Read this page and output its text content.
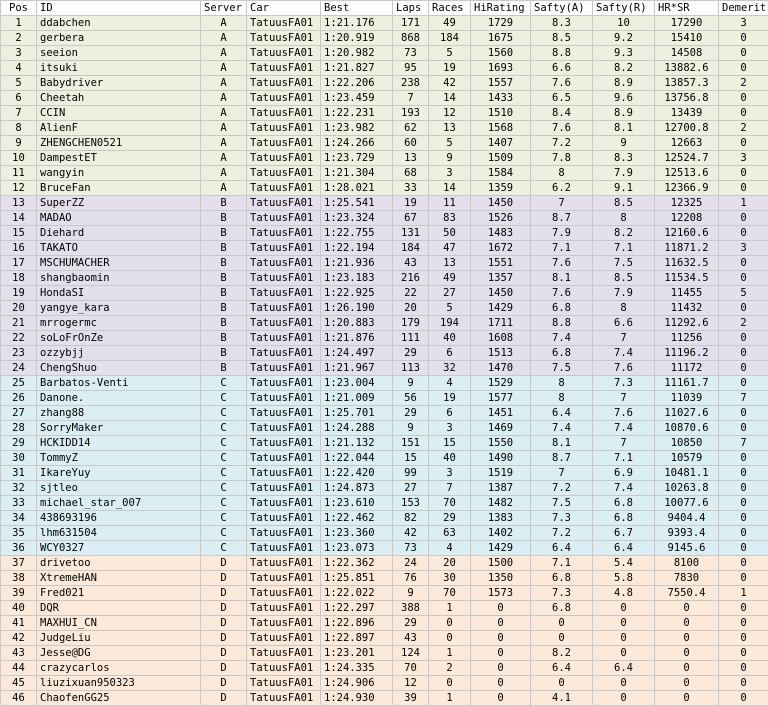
Pos	ID	Server	Car	Best	Laps	Races	HiRating	Safty(A)	Safty(R)	HR*SR	Demerit
1	ddabchen	A	TatuusFA01	1:21.176	171	49	1729	8.3	10	17290	3
2	gerbera	A	TatuusFA01	1:20.919	868	184	1675	8.5	9.2	15410	0
3	seeion	A	TatuusFA01	1:20.982	73	5	1560	8.8	9.3	14508	0
4	itsuki	A	TatuusFA01	1:21.827	95	19	1693	6.6	8.2	13882.6	0
5	Babydriver	A	TatuusFA01	1:22.206	238	42	1557	7.6	8.9	13857.3	2
6	Cheetah	A	TatuusFA01	1:23.459	7	14	1433	6.5	9.6	13756.8	0
7	CCIN	A	TatuusFA01	1:22.231	193	12	1510	8.4	8.9	13439	0
8	AlienF	A	TatuusFA01	1:23.982	62	13	1568	7.6	8.1	12700.8	2
9	ZHENGCHEN0521	A	TatuusFA01	1:24.266	60	5	1407	7.2	9	12663	0
10	DampestET	A	TatuusFA01	1:23.729	13	9	1509	7.8	8.3	12524.7	3
11	wangyin	A	TatuusFA01	1:21.304	68	3	1584	8	7.9	12513.6	0
12	BruceFan	A	TatuusFA01	1:28.021	33	14	1359	6.2	9.1	12366.9	0
13	SuperZZ	B	TatuusFA01	1:25.541	19	11	1450	7	8.5	12325	1
14	MADAO	B	TatuusFA01	1:23.324	67	83	1526	8.7	8	12208	0
15	Diehard	B	TatuusFA01	1:22.755	131	50	1483	7.9	8.2	12160.6	0
16	TAKATO	B	TatuusFA01	1:22.194	184	47	1672	7.1	7.1	11871.2	3
17	MSCHUMACHER	B	TatuusFA01	1:21.936	43	13	1551	7.6	7.5	11632.5	0
18	shangbaomin	B	TatuusFA01	1:23.183	216	49	1357	8.1	8.5	11534.5	0
19	HondaSI	B	TatuusFA01	1:22.925	22	27	1450	7.6	7.9	11455	5
20	yangye_kara	B	TatuusFA01	1:26.190	20	5	1429	6.8	8	11432	0
21	mrrogermc	B	TatuusFA01	1:20.883	179	194	1711	8.8	6.6	11292.6	2
22	soLoFrOnZe	B	TatuusFA01	1:21.876	111	40	1608	7.4	7	11256	0
23	ozzybjj	B	TatuusFA01	1:24.497	29	6	1513	6.8	7.4	11196.2	0
24	ChengShuo	B	TatuusFA01	1:21.967	113	32	1470	7.5	7.6	11172	0
25	Barbatos-Venti	C	TatuusFA01	1:23.004	9	4	1529	8	7.3	11161.7	0
26	Danone.	C	TatuusFA01	1:21.009	56	19	1577	8	7	11039	7
27	zhang88	C	TatuusFA01	1:25.701	29	6	1451	6.4	7.6	11027.6	0
28	SorryMaker	C	TatuusFA01	1:24.288	9	3	1469	7.4	7.4	10870.6	0
29	HCKIDD14	C	TatuusFA01	1:21.132	151	15	1550	8.1	7	10850	7
30	TommyZ	C	TatuusFA01	1:22.044	15	40	1490	8.7	7.1	10579	0
31	IkareYuy	C	TatuusFA01	1:22.420	99	3	1519	7	6.9	10481.1	0
32	sjtleo	C	TatuusFA01	1:24.873	27	7	1387	7.2	7.4	10263.8	0
33	michael_star_007	C	TatuusFA01	1:23.610	153	70	1482	7.5	6.8	10077.6	0
34	438693196	C	TatuusFA01	1:22.462	82	29	1383	7.3	6.8	9404.4	0
35	lhm631504	C	TatuusFA01	1:23.360	42	63	1402	7.2	6.7	9393.4	0
36	WCY0327	C	TatuusFA01	1:23.073	73	4	1429	6.4	6.4	9145.6	0
37	drivetoo	D	TatuusFA01	1:22.362	24	20	1500	7.1	5.4	8100	0
38	XtremeHAN	D	TatuusFA01	1:25.851	76	30	1350	6.8	5.8	7830	0
39	Fred021	D	TatuusFA01	1:22.022	9	70	1573	7.3	4.8	7550.4	1
40	DQR	D	TatuusFA01	1:22.297	388	1	0	6.8	0	0	0
41	MAXHUI_CN	D	TatuusFA01	1:22.896	29	0	0	0	0	0	0
42	JudgeLiu	D	TatuusFA01	1:22.897	43	0	0	0	0	0	0
43	Jesse@DG	D	TatuusFA01	1:23.201	124	1	0	8.2	0	0	0
44	crazycarlos	D	TatuusFA01	1:24.335	70	2	0	6.4	6.4	0	0
45	liuzixuan950323	D	TatuusFA01	1:24.906	12	0	0	0	0	0	0
46	ChaofenGG25	D	TatuusFA01	1:24.930	39	1	0	4.1	0	0	0
